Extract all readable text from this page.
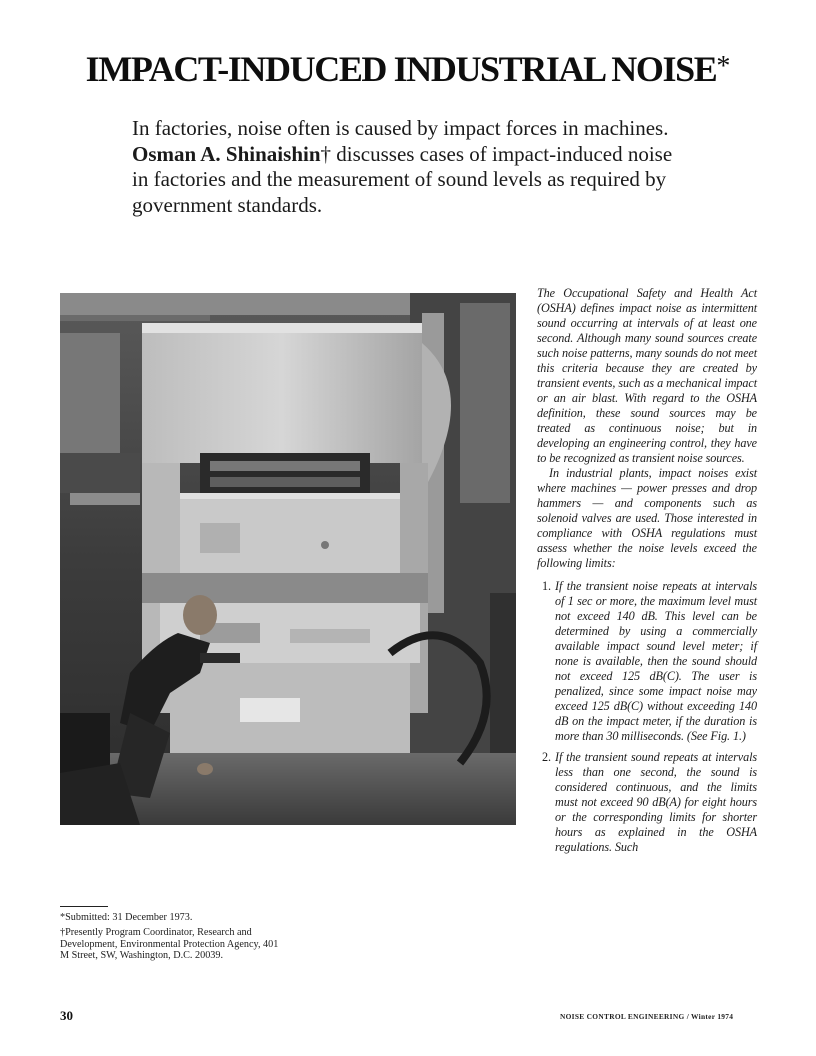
IMPACT-INDUCED INDUSTRIAL NOISE*
In factories, noise often is caused by impact forces in machines. Osman A. Shinaishin† discusses cases of impact-induced noise in factories and the measurement of sound levels as required by government standards.

The Occupational Safety and Health Act (OSHA) defines impact noise as intermittent sound occurring at intervals of at least one second. Although many sound sources create such noise patterns, many sounds do not meet this criteria because they are created by transient events, such as a mechanical impact or an air blast. With regard to the OSHA definition, these sound sources may be treated as continuous noise; but in developing an engineering control, they have to be recognized as transient noise sources.

In industrial plants, impact noises exist where machines — power presses and drop hammers — and components such as solenoid valves are used. Those interested in compliance with OSHA regulations must assess whether the noise levels exceed the following limits:

1. If the transient noise repeats at intervals of 1 sec or more, the maximum level must not exceed 140 dB. This level can be determined by using a commercially available impact sound level meter; if none is available, then the sound should not exceed 125 dB(C). The user is penalized, since some impact noise may exceed 125 dB(C) without exceeding 140 dB on the impact meter, if the duration is more than 30 milliseconds. (See Fig. 1.)
2. If the transient sound repeats at intervals less than one second, the sound is considered continuous, and the limits must not exceed 90 dB(A) for eight hours or the corresponding limits for shorter hours as explained in the OSHA regulations. Such

*Submitted: 31 December 1973.

†Presently Program Coordinator, Research and Development, Environmental Protection Agency, 401 M Street, SW, Washington, D.C. 20039.

30	NOISE CONTROL ENGINEERING / Winter 1974
